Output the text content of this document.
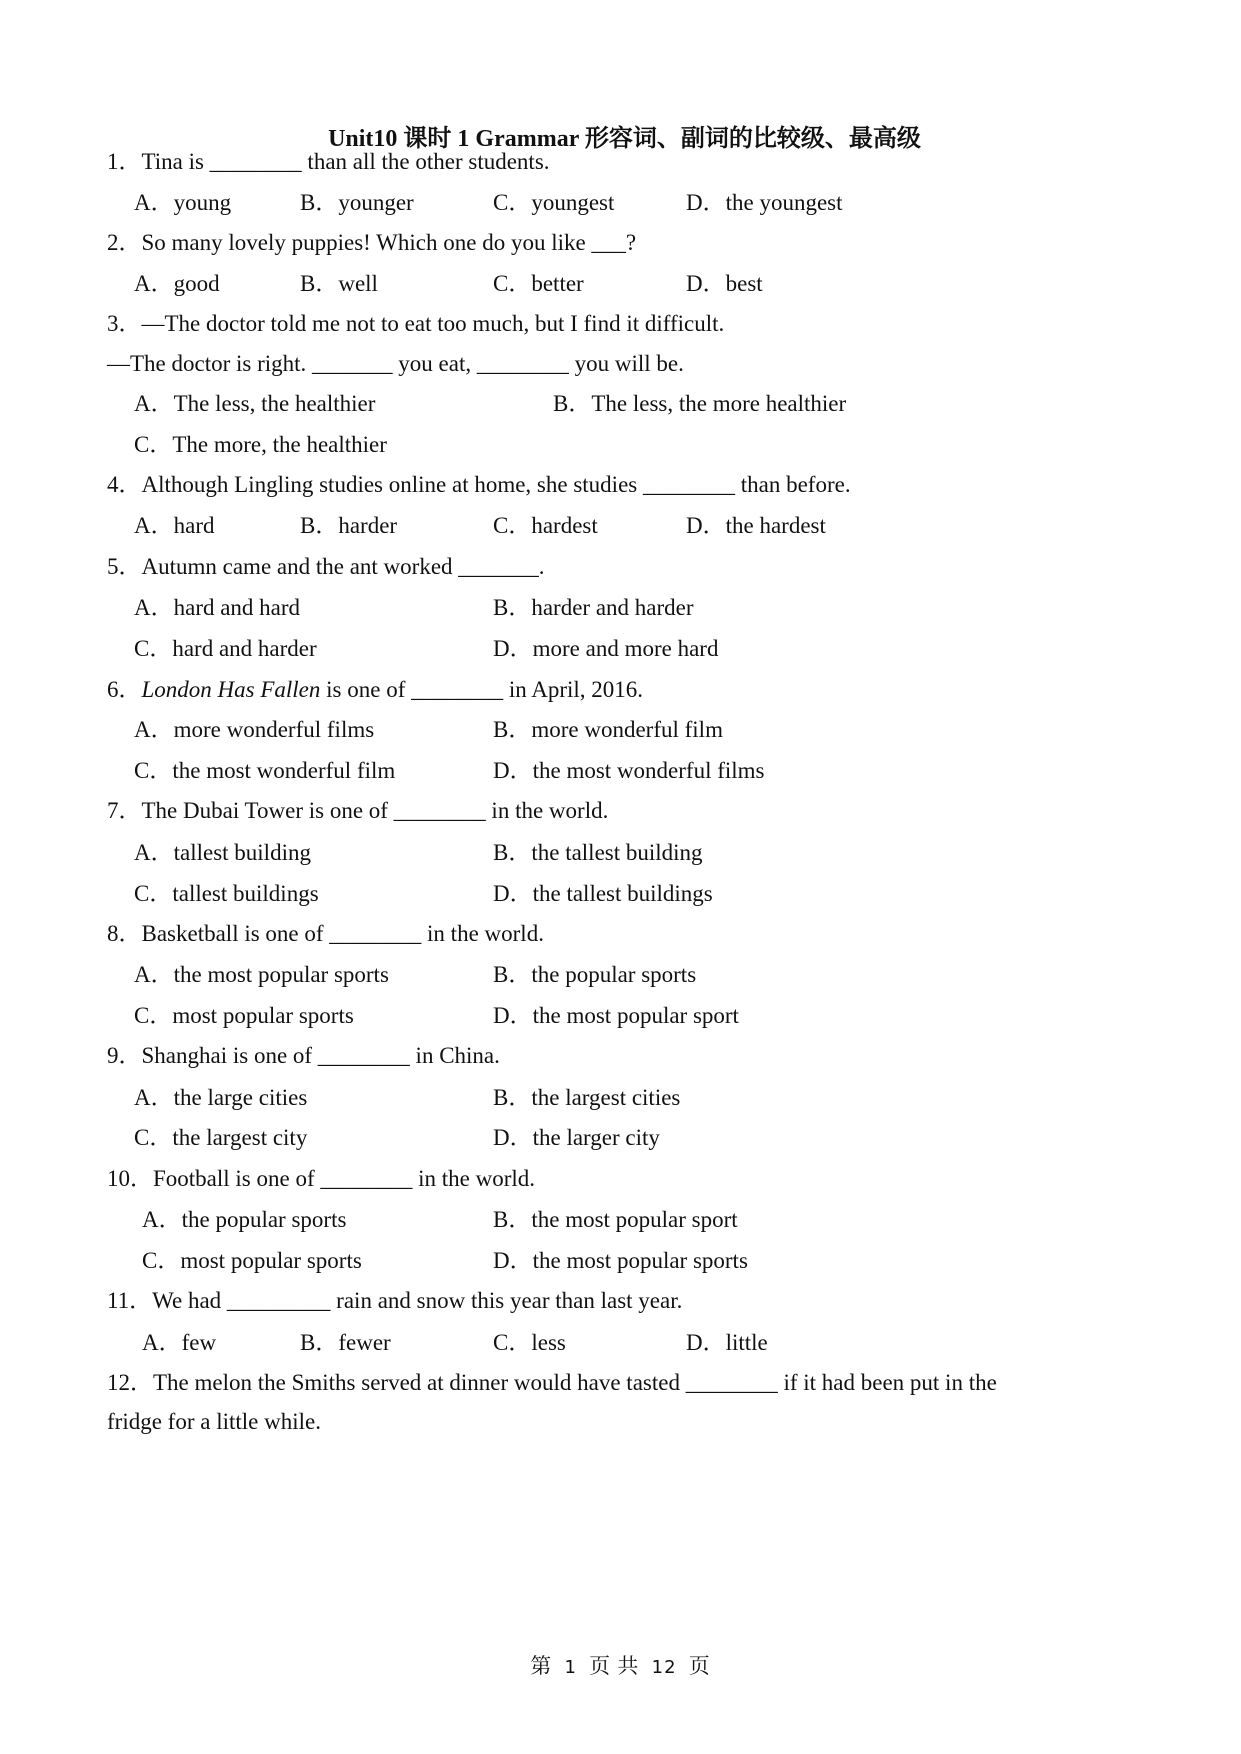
Unit10 课时 1 Grammar 形容词、副词的比较级、最高级
1．Tina is ________ than all the other students.
A．young	B．younger	C．youngest	D．the youngest
2．So many lovely puppies! Which one do you like ___?
A．good	B．well	C．better	D．best
3．—The doctor told me not to eat too much, but I find it difficult.
—The doctor is right. _______ you eat, ________ you will be.
A．The less, the healthier	B．The less, the more healthier
C．The more, the healthier
4．Although Lingling studies online at home, she studies ________ than before.
A．hard	B．harder	C．hardest	D．the hardest
5．Autumn came and the ant worked _______.
A．hard and hard	B．harder and harder
C．hard and harder	D．more and more hard
6．London Has Fallen is one of ________ in April, 2016.
A．more wonderful films	B．more wonderful film
C．the most wonderful film	D．the most wonderful films
7．The Dubai Tower is one of ________ in the world.
A．tallest building	B．the tallest building
C．tallest buildings	D．the tallest buildings
8．Basketball is one of ________ in the world.
A．the most popular sports	B．the popular sports
C．most popular sports	D．the most popular sport
9．Shanghai is one of ________ in China.
A．the large cities	B．the largest cities
C．the largest city	D．the larger city
10．Football is one of ________ in the world.
A．the popular sports	B．the most popular sport
C．most popular sports	D．the most popular sports
11．We had _________ rain and snow this year than last year.
A．few	B．fewer	C．less	D．little
12．The melon the Smiths served at dinner would have tasted ________ if it had been put in the
fridge for a little while.
第 1 页 共 12 页
